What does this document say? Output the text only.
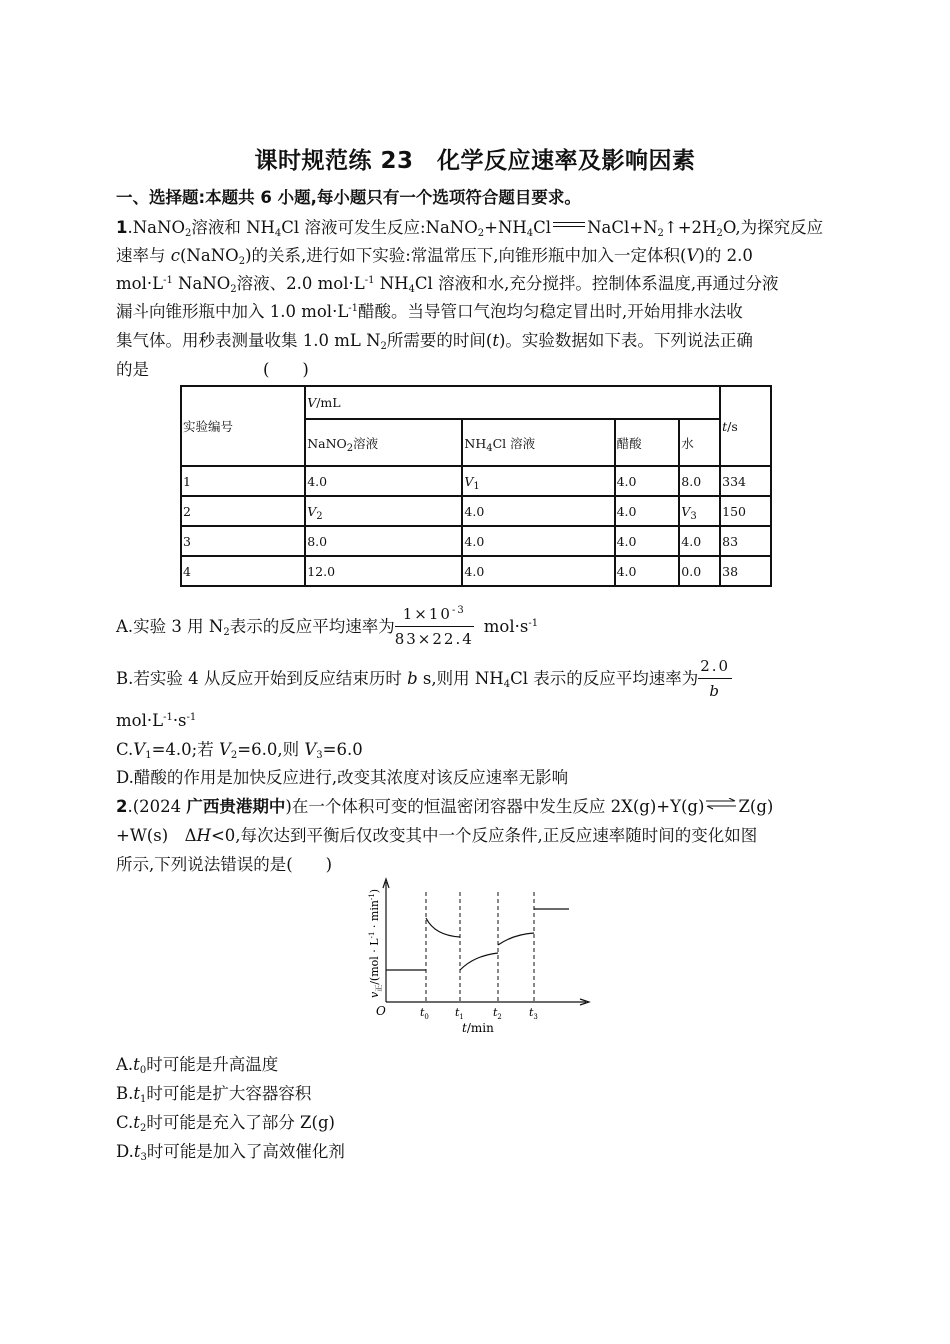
课时规范练 23　化学反应速率及影响因素
一、选择题:本题共 6 小题,每小题只有一个选项符合题目要求。
1.NaNO$_2$溶液和 $NH_4Cl$ 溶液可发生反应$:NaNO_2+NH_4Cl$ $NaCl+N_2↑+2H_2O$,为探究反应
速率与 c(NaNO$_2$)的关系,进行如下实验:常温常压下,向锥形瓶中加入一定体积(V)的 2.0
$mol\cdot L^{-1}$ NaNO$_2$溶液、2.0 $mol\cdot L^{-1}$ $NH_4Cl$ 溶液和水,充分搅拌。控制体系温度,再通过分液
漏斗向锥形瓶中加入 1.0 $mol\cdot L^{-1}$醋酸。当导管口气泡均匀稳定冒出时,开始用排水法收
集气体。用秒表测量收集 1.0 mL $N_2$所需要的时间(t)。实验数据如下表。下列说法正确
的是	(　　)
实验编号	V/mL				t/s
	NaNO$_2$溶液	$NH_4Cl$ 溶液	醋酸	水	
1	4.0	$V_1$	4.0	8.0	334
2	$V_2$	4.0	4.0	$V_3$	150
3	8.0	4.0	4.0	4.0	83
4	12.0	4.0	4.0	0.0	38
A.实验 3 用 $N_2$表示的反应平均速率为 $\frac{1\times 10^{-3}}{83\times 22.4} mol\cdot s^{-1}$
B.若实验 4 从反应开始到反应结束历时 b s,则用 $NH_4Cl$ 表示的反应平均速率为 $\frac{2.0}{b}$
$mol\cdot L^{-1}\cdot s^{-1}$
$C.V_1=4.0$;若 $V_2=6.0$,则 $V_3=6.0$
D.醋酸的作用是加快反应进行,改变其浓度对该反应速率无影响
2.(2024 广西贵港期中)在一个体积可变的恒温密闭容器中发生反应 2X(g)+Y(g)⇌Z(g)
+W(s)　ΔH<0,每次达到平衡后仅改变其中一个反应条件,正反应速率随时间的变化如图
所示,下列说法错误的是(　　)
$v_正/(mol \cdot L^{-1} \cdot \min^{-1})$
O	$t_0$ $t_1$	$t_2$ $t_3$
t/min
$A.t_0$时可能是升高温度
$B.t_1$时可能是扩大容器容积
$C.t_2$时可能是充入了部分 Z(g)
$D.t_3$时可能是加入了高效催化剂
